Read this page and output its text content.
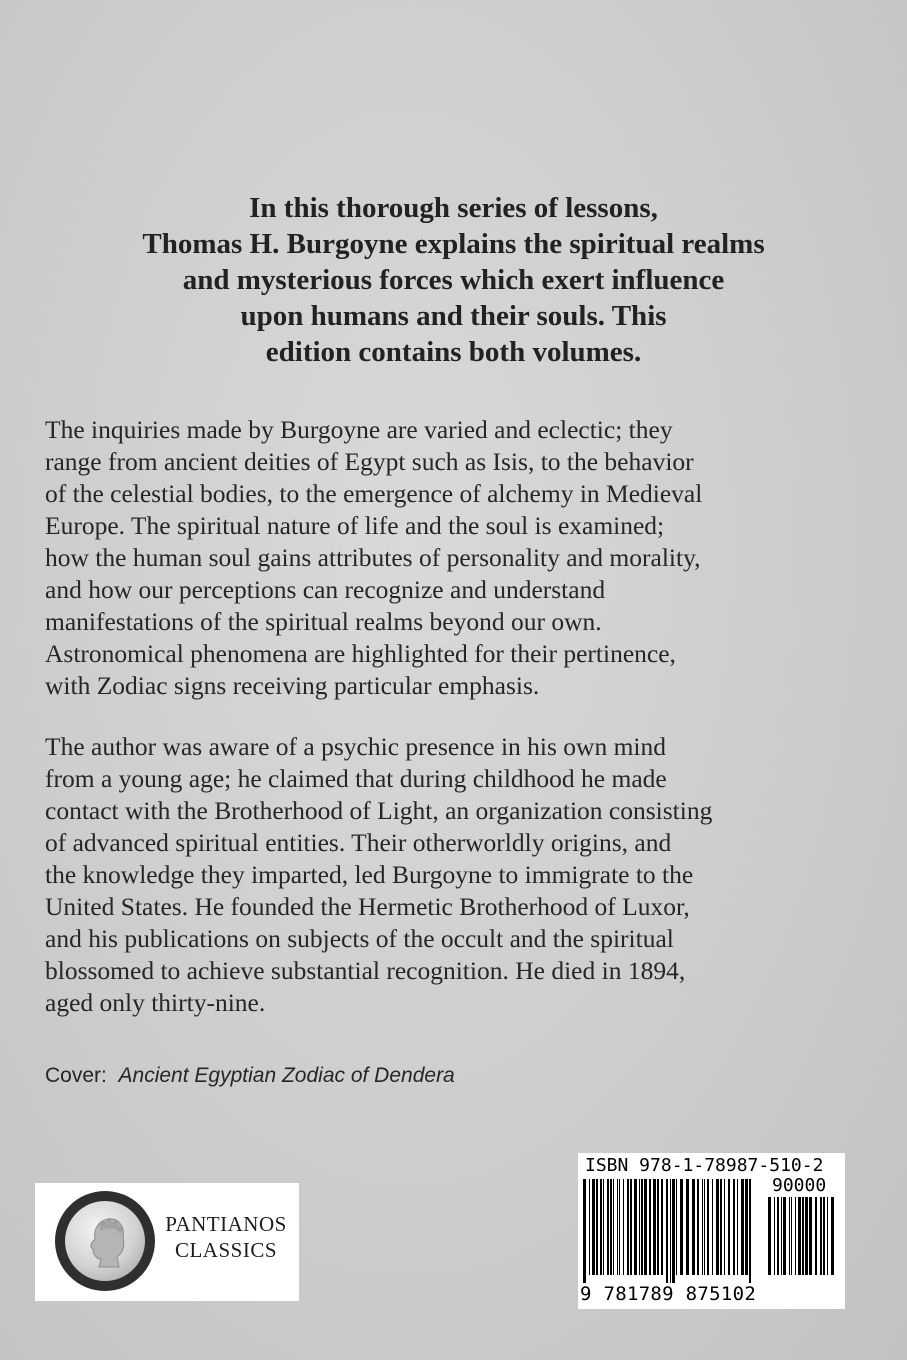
In this thorough series of lessons,
Thomas H. Burgoyne explains the spiritual realms
and mysterious forces which exert influence
upon humans and their souls. This
edition contains both volumes.
The inquiries made by Burgoyne are varied and eclectic; they
range from ancient deities of Egypt such as Isis, to the behavior
of the celestial bodies, to the emergence of alchemy in Medieval
Europe. The spiritual nature of life and the soul is examined;
how the human soul gains attributes of personality and morality,
and how our perceptions can recognize and understand
manifestations of the spiritual realms beyond our own.
Astronomical phenomena are highlighted for their pertinence,
with Zodiac signs receiving particular emphasis.
The author was aware of a psychic presence in his own mind
from a young age; he claimed that during childhood he made
contact with the Brotherhood of Light, an organization consisting
of advanced spiritual entities. Their otherworldly origins, and
the knowledge they imparted, led Burgoyne to immigrate to the
United States. He founded the Hermetic Brotherhood of Luxor,
and his publications on subjects of the occult and the spiritual
blossomed to achieve substantial recognition. He died in 1894,
aged only thirty-nine.

Cover: Ancient Egyptian Zodiac of Dendera

PANTIANOS
CLASSICS
ISBN 978-1-78987-510-2
90000
9 781789 875102
